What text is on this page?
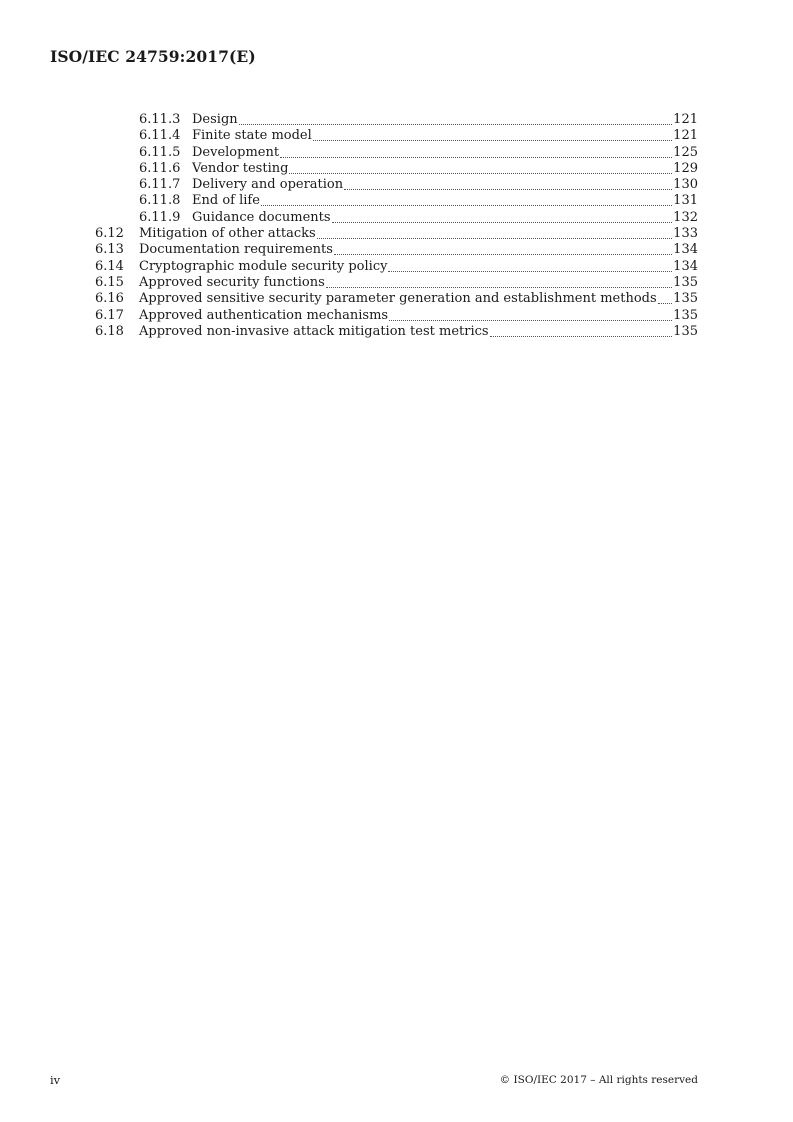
ISO/IEC 24759:2017(E)
6.11.3 Design	121
6.11.4 Finite state model	121
6.11.5 Development	125
6.11.6 Vendor testing	129
6.11.7 Delivery and operation	130
6.11.8 End of life	131
6.11.9 Guidance documents	132
6.12 Mitigation of other attacks	133
6.13 Documentation requirements	134
6.14 Cryptographic module security policy	134
6.15 Approved security functions	135
6.16 Approved sensitive security parameter generation and establishment methods 135
6.17 Approved authentication mechanisms	135
6.18 Approved non-invasive attack mitigation test metrics	135
iv	© ISO/IEC 2017 – All rights reserved
